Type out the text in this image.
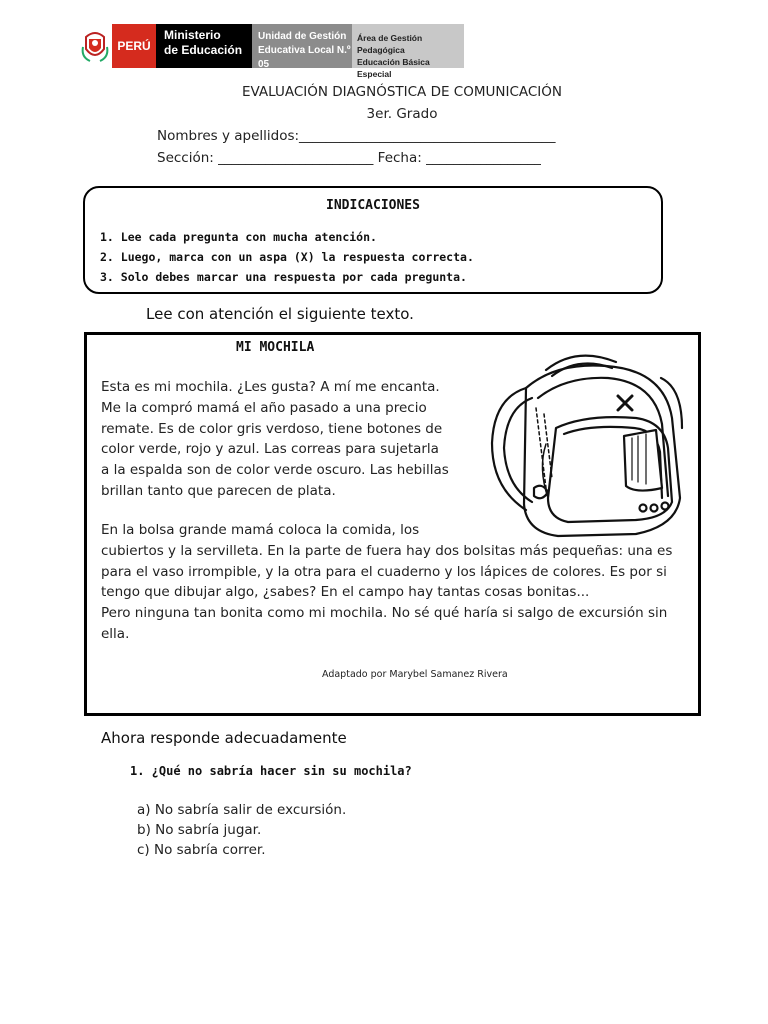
PERÚ
Ministerio
de Educación
Unidad de Gestión
Educativa Local N.º 05
Área de Gestión Pedagógica
Educación Básica Especial
EVALUACIÓN DIAGNÓSTICA DE COMUNICACIÓN
3er. Grado
Nombres y apellidos:______________________________________
Sección: _______________________ Fecha: _________________
INDICACIONES
1. Lee cada pregunta con mucha atención.
2. Luego, marca con un aspa (X) la respuesta correcta.
3. Solo debes marcar una respuesta por cada pregunta.
Lee con atención el siguiente texto.
MI MOCHILA
Esta es mi mochila. ¿Les gusta? A mí me encanta.
Me la compró mamá el año pasado a una precio
remate. Es de color gris verdoso, tiene botones de
color verde, rojo y azul. Las correas para sujetarla
a la espalda son de color verde oscuro. Las hebillas
brillan tanto que parecen de plata.
En la bolsa grande mamá coloca la comida, los
cubiertos y la servilleta. En la parte de fuera hay dos bolsitas más pequeñas: una es
para el vaso irrompible, y la otra para el cuaderno y los lápices de colores. Es por si
tengo que dibujar algo, ¿sabes? En el campo hay tantas cosas bonitas...
Pero ninguna tan bonita como mi mochila. No sé qué haría si salgo de excursión sin
ella.
Adaptado por Marybel Samanez Rivera
Ahora responde adecuadamente
1. ¿Qué no sabría hacer sin su mochila?
a) No sabría salir de excursión.
b) No sabría jugar.
c) No sabría correr.
